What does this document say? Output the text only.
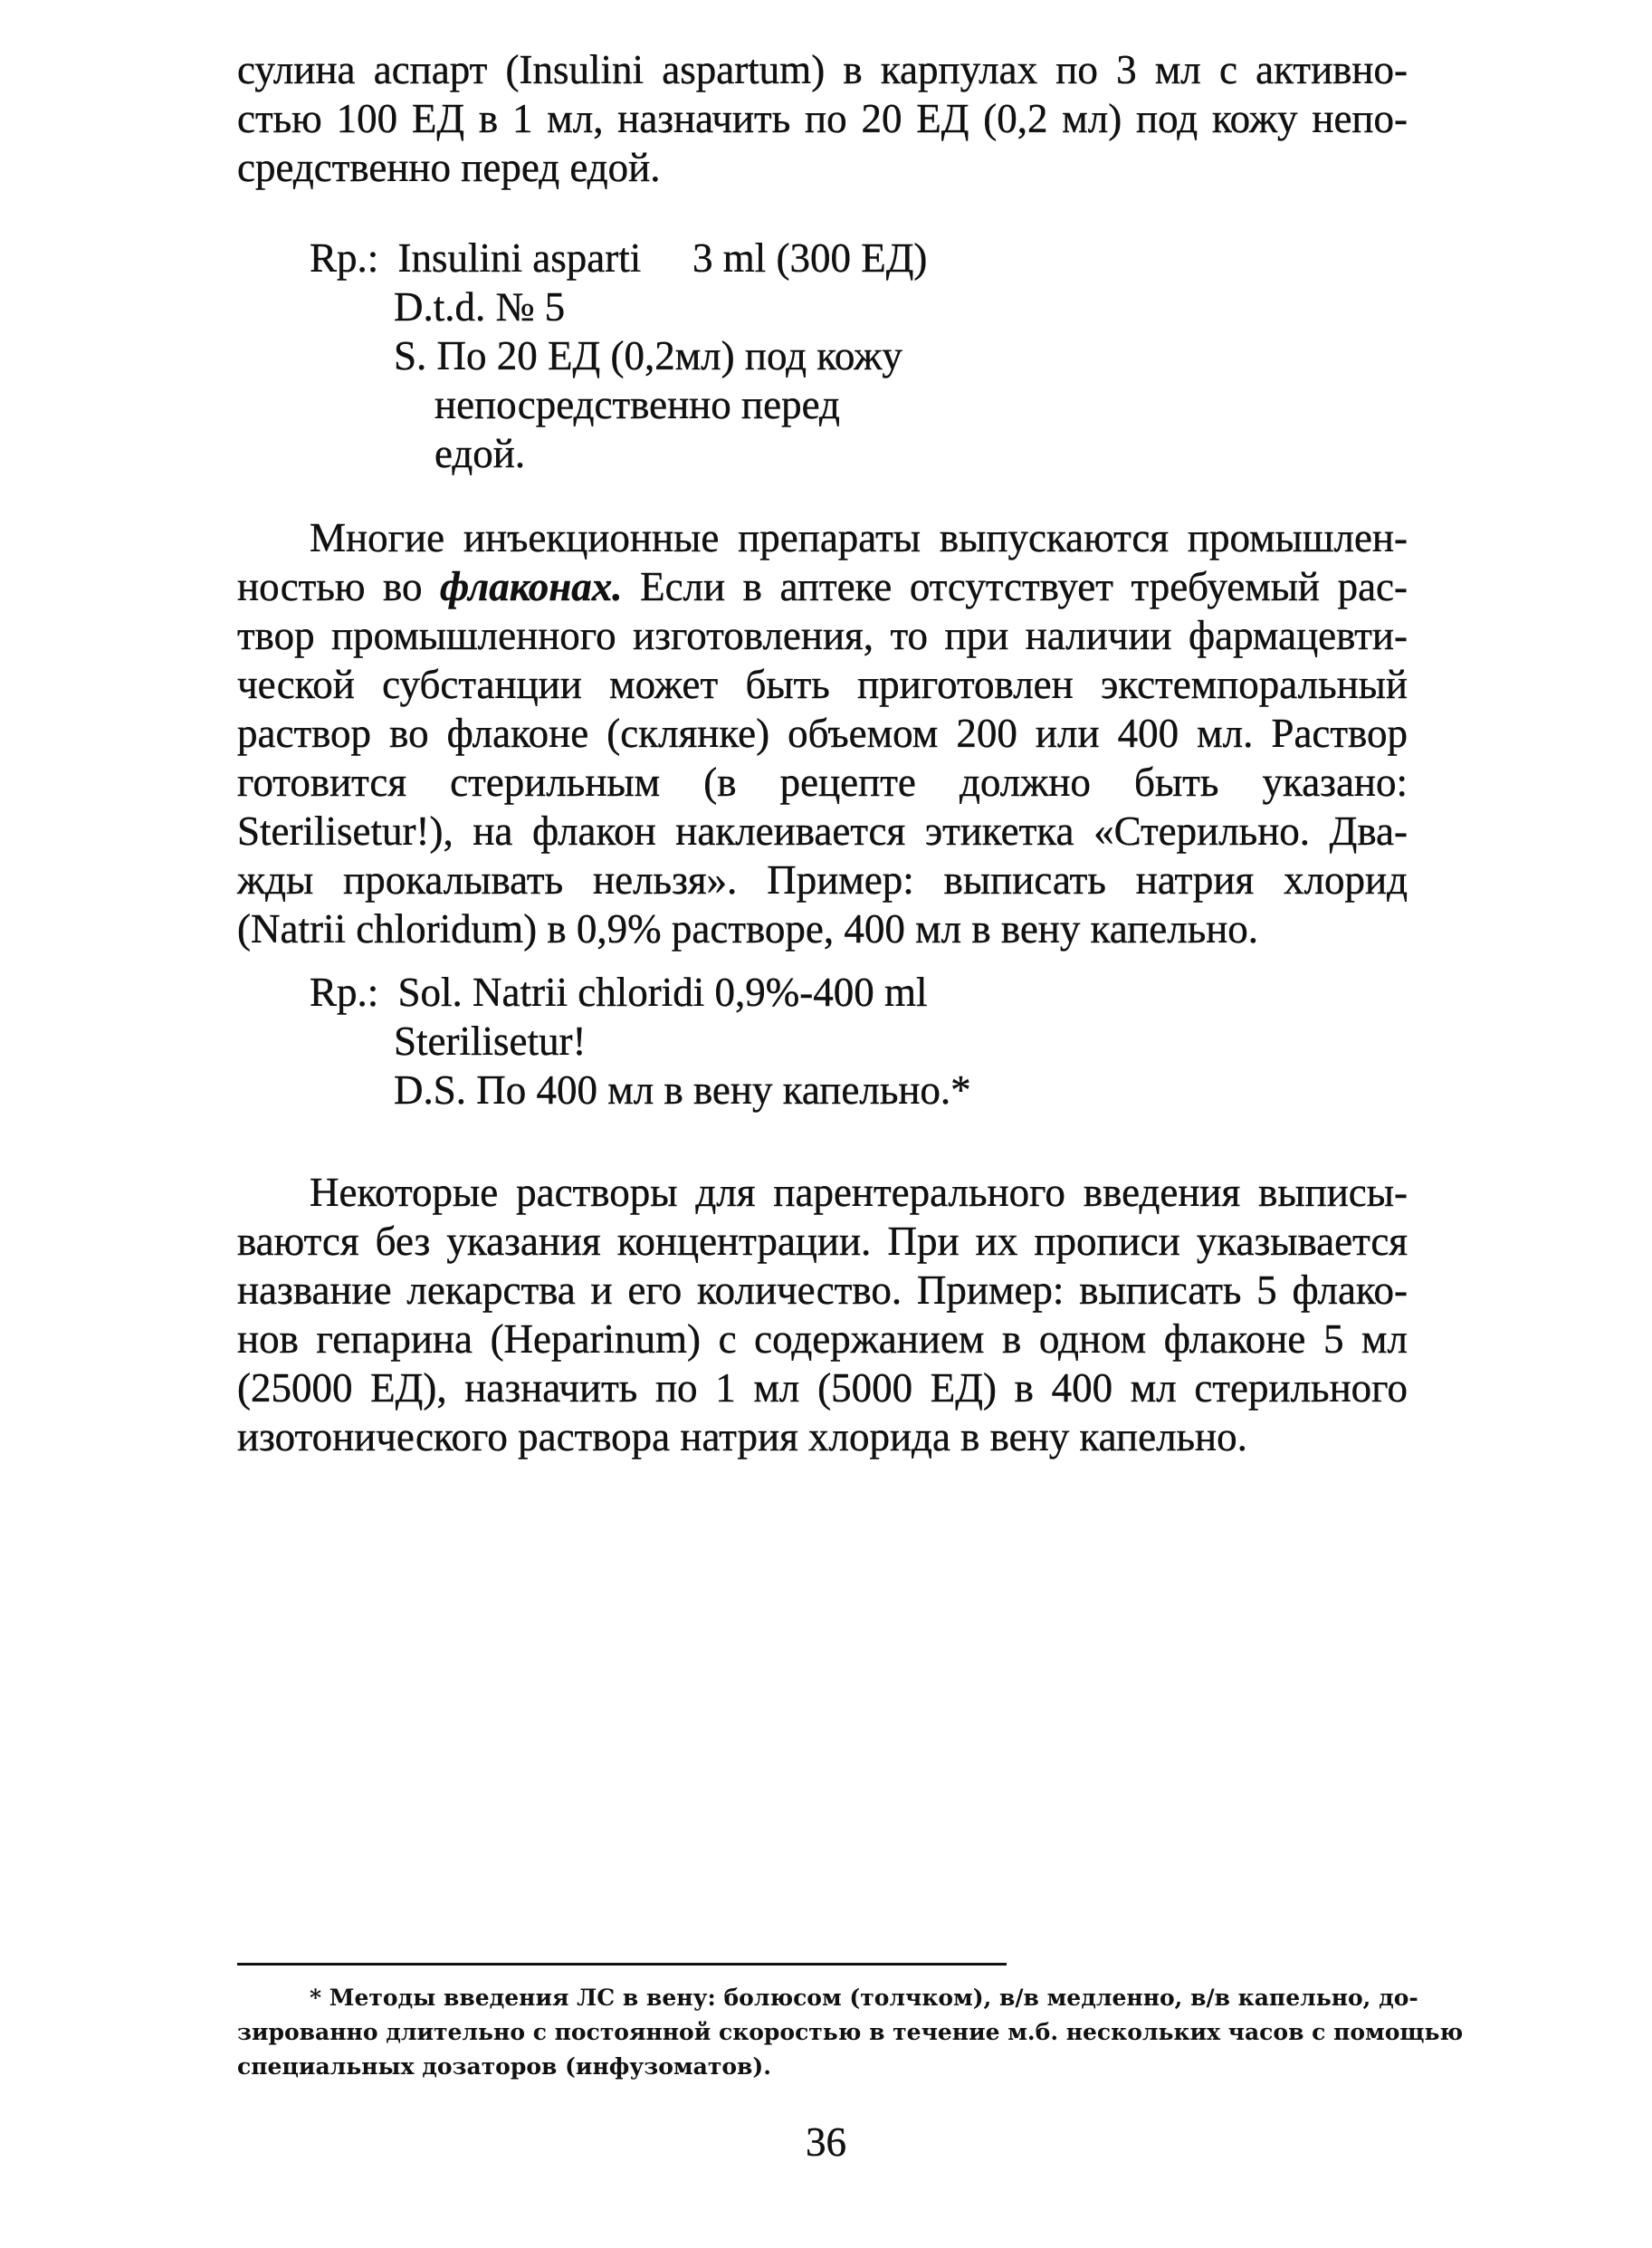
сулина аспарт (Insulini aspartum) в карпулах по 3 мл с активно-
стью 100 ЕД в 1 мл, назначить по 20 ЕД (0,2 мл) под кожу непо-
средственно перед едой.
Rp.: Insulini asparti 3 ml (300 ЕД)
D.t.d. № 5
S. По 20 ЕД (0,2мл) под кожу
непосредственно перед
едой.
Многие инъекционные препараты выпускаются промышлен-
ностью во флаконах. Если в аптеке отсутствует требуемый рас-
твор промышленного изготовления, то при наличии фармацевти-
ческой субстанции может быть приготовлен экстемпоральный
раствор во флаконе (склянке) объемом 200 или 400 мл. Раствор
готовится стерильным (в рецепте должно быть указано:
Sterilisetur!), на флакон наклеивается этикетка «Стерильно. Два-
жды прокалывать нельзя». Пример: выписать натрия хлорид
(Natrii chloridum) в 0,9% растворе, 400 мл в вену капельно.
Rp.: Sol. Natrii chloridi 0,9%-400 ml
Sterilisetur!
D.S. По 400 мл в вену капельно.*
Некоторые растворы для парентерального введения выписы-
ваются без указания концентрации. При их прописи указывается
название лекарства и его количество. Пример: выписать 5 флако-
нов гепарина (Heparinum) с содержанием в одном флаконе 5 мл
(25000 ЕД), назначить по 1 мл (5000 ЕД) в 400 мл стерильного
изотонического раствора натрия хлорида в вену капельно.
* Методы введения ЛС в вену: болюсом (толчком), в/в медленно, в/в капельно, до-
зированно длительно с постоянной скоростью в течение м.б. нескольких часов с помощью
специальных дозаторов (инфузоматов).
36
